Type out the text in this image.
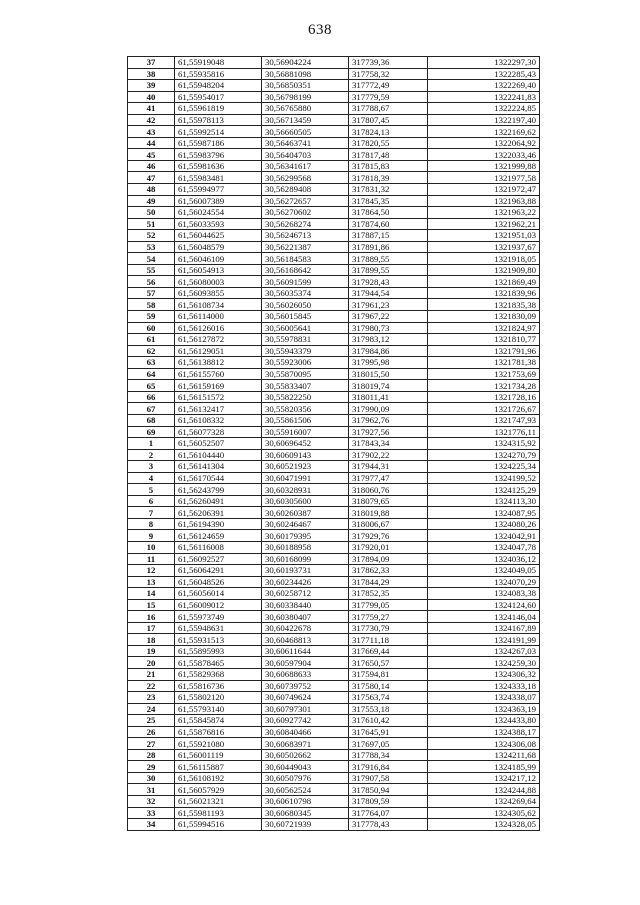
638
37	61,55919048	30,56904224	317739,36	1322297,30
38	61,55935816	30,56881098	317758,32	1322285,43
39	61,55948204	30,56850351	317772,49	1322269,40
40	61,55954017	30,56798199	317779,59	1322241,83
41	61,55961819	30,56765880	317788,67	1322224,85
42	61,55978113	30,56713459	317807,45	1322197,40
43	61,55992514	30,56660505	317824,13	1322169,62
44	61,55987186	30,56463741	317820,55	1322064,92
45	61,55983796	30,56404703	317817,48	1322033,46
46	61,55981636	30,56341617	317815,83	1321999,88
47	61,55983481	30,56299568	317818,39	1321977,58
48	61,55994977	30,56289408	317831,32	1321972,47
49	61,56007389	30,56272657	317845,35	1321963,88
50	61,56024554	30,56270602	317864,50	1321963,22
51	61,56033593	30,56268274	317874,60	1321962,21
52	61,56044625	30,56246713	317887,15	1321951,03
53	61,56048579	30,56221387	317891,86	1321937,67
54	61,56046109	30,56184583	317889,55	1321918,05
55	61,56054913	30,56168642	317899,55	1321909,80
56	61,56080003	30,56091599	317928,43	1321869,49
57	61,56093855	30,56035374	317944,54	1321839,96
58	61,56108734	30,56026050	317961,23	1321835,38
59	61,56114000	30,56015845	317967,22	1321830,09
60	61,56126016	30,56005641	317980,73	1321824,97
61	61,56127872	30,55978831	317983,12	1321810,77
62	61,56129051	30,55943379	317984,86	1321791,96
63	61,56138812	30,55923006	317995,98	1321781,38
64	61,56155760	30,55870095	318015,50	1321753,69
65	61,56159169	30,55833407	318019,74	1321734,28
66	61,56151572	30,55822250	318011,41	1321728,16
67	61,56132417	30,55820356	317990,09	1321726,67
68	61,56108332	30,55861506	317962,76	1321747,93
69	61,56077328	30,55916007	317927,56	1321776,11
1	61,56052507	30,60696452	317843,34	1324315,92
2	61,56104440	30,60609143	317902,22	1324270,79
3	61,56141304	30,60521923	317944,31	1324225,34
4	61,56170544	30,60471991	317977,47	1324199,52
5	61,56243799	30,60328931	318060,76	1324125,29
6	61,56260491	30,60305600	318079,65	1324113,30
7	61,56206391	30,60260387	318019,88	1324087,95
8	61,56194390	30,60246467	318006,67	1324080,26
9	61,56124659	30,60179395	317929,76	1324042,91
10	61,56116008	30,60188958	317920,01	1324047,78
11	61,56092527	30,60168099	317894,09	1324036,12
12	61,56064291	30,60193731	317862,33	1324049,05
13	61,56048526	30,60234426	317844,29	1324070,29
14	61,56056014	30,60258712	317852,35	1324083,38
15	61,56009012	30,60338440	317799,05	1324124,60
16	61,55973749	30,60380407	317759,27	1324146,04
17	61,55948631	30,60422678	317730,79	1324167,89
18	61,55931513	30,60468813	317711,18	1324191,99
19	61,55895993	30,60611644	317669,44	1324267,03
20	61,55878465	30,60597904	317650,57	1324259,30
21	61,55829368	30,60688633	317594,81	1324306,32
22	61,55816736	30,60739752	317580,14	1324333,18
23	61,55802120	30,60749624	317563,74	1324338,07
24	61,55793140	30,60797301	317553,18	1324363,19
25	61,55845874	30,60927742	317610,42	1324433,80
26	61,55876816	30,60840466	317645,91	1324388,17
27	61,55921080	30,60683971	317697,05	1324306,08
28	61,56001119	30,60502662	317788,34	1324211,68
29	61,56115887	30,60449043	317916,84	1324185,99
30	61,56108192	30,60507976	317907,58	1324217,12
31	61,56057929	30,60562524	317850,94	1324244,88
32	61,56021321	30,60610798	317809,59	1324269,64
33	61,55981193	30,60680345	317764,07	1324305,62
34	61,55994516	30,60721939	317778,43	1324328,05
